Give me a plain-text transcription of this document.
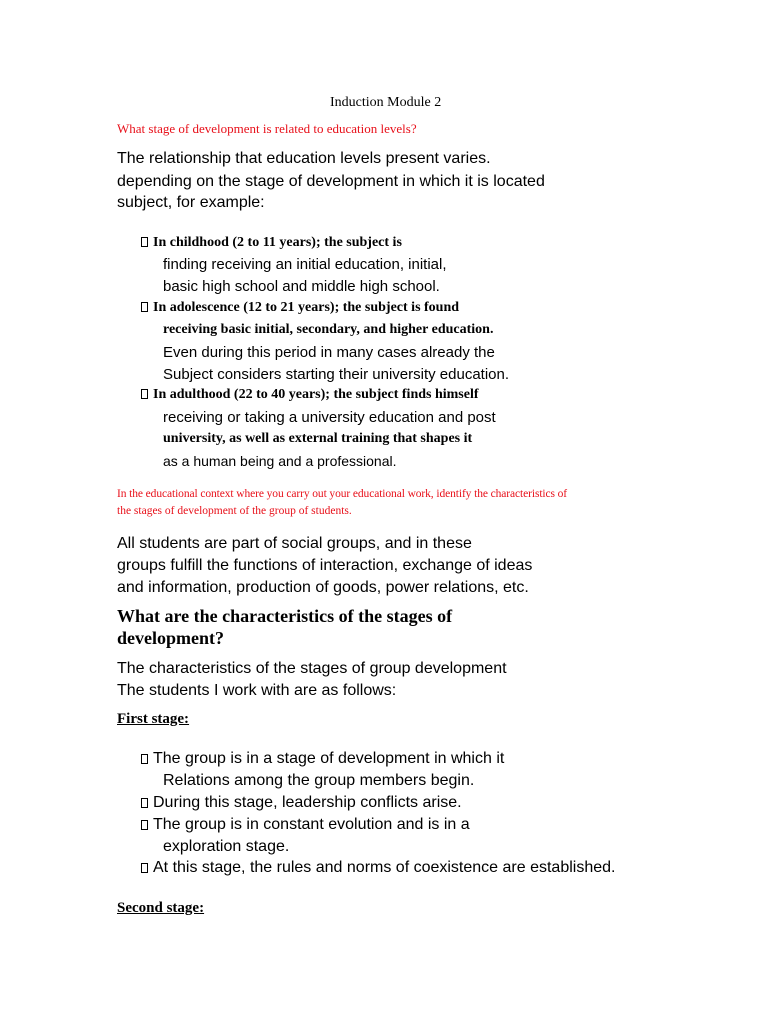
Induction Module 2
What stage of development is related to education levels?
The relationship that education levels present varies.
depending on the stage of development in which it is located
subject, for example:
In childhood (2 to 11 years); the subject is
finding receiving an initial education, initial,
basic high school and middle high school.
In adolescence (12 to 21 years); the subject is found
receiving basic initial, secondary, and higher education.
Even during this period in many cases already the
Subject considers starting their university education.
In adulthood (22 to 40 years); the subject finds himself
receiving or taking a university education and post
university, as well as external training that shapes it
as a human being and a professional.
In the educational context where you carry out your educational work, identify the characteristics of
the stages of development of the group of students.
All students are part of social groups, and in these
groups fulfill the functions of interaction, exchange of ideas
and information, production of goods, power relations, etc.
What are the characteristics of the stages of
development?
The characteristics of the stages of group development
The students I work with are as follows:
First stage:
The group is in a stage of development in which it
Relations among the group members begin.
During this stage, leadership conflicts arise.
The group is in constant evolution and is in a
exploration stage.
At this stage, the rules and norms of coexistence are established.
Second stage:
